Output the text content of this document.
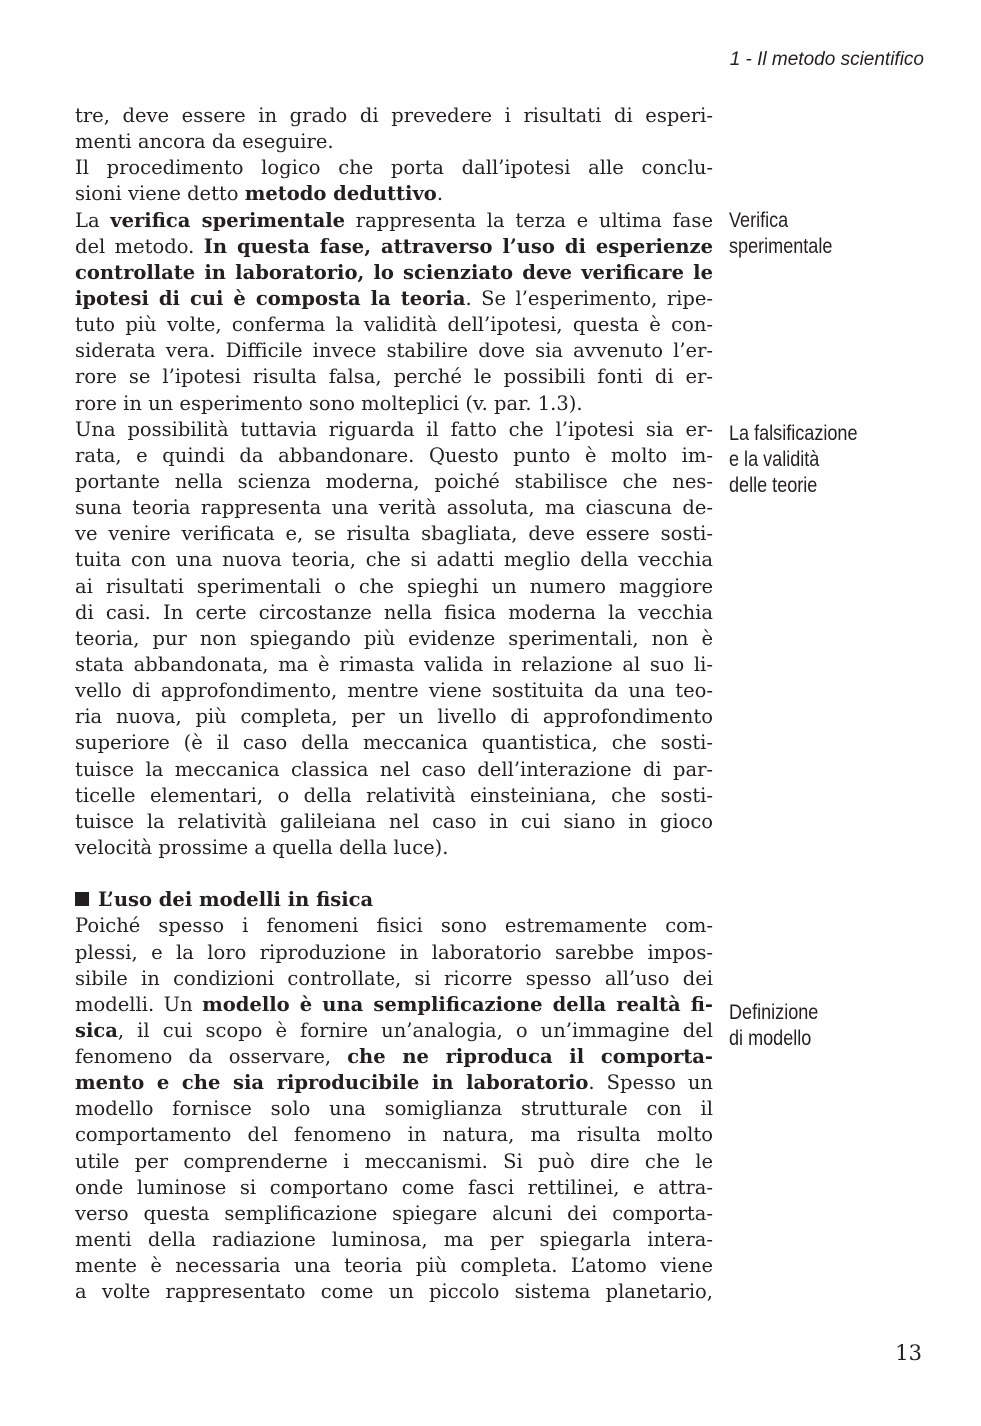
1 - Il metodo scientifico
tre, deve essere in grado di prevedere i risultati di esperi-
menti ancora da eseguire.
Il procedimento logico che porta dall’ipotesi alle conclu-
sioni viene detto metodo deduttivo.
La verifica sperimentale rappresenta la terza e ultima fase
del metodo. In questa fase, attraverso l’uso di esperienze
controllate in laboratorio, lo scienziato deve verificare le
ipotesi di cui è composta la teoria. Se l’esperimento, ripe-
tuto più volte, conferma la validità dell’ipotesi, questa è con-
siderata vera. Difficile invece stabilire dove sia avvenuto l’er-
rore se l’ipotesi risulta falsa, perché le possibili fonti di er-
rore in un esperimento sono molteplici (v. par. 1.3).
Una possibilità tuttavia riguarda il fatto che l’ipotesi sia er-
rata, e quindi da abbandonare. Questo punto è molto im-
portante nella scienza moderna, poiché stabilisce che nes-
suna teoria rappresenta una verità assoluta, ma ciascuna de-
ve venire verificata e, se risulta sbagliata, deve essere sosti-
tuita con una nuova teoria, che si adatti meglio della vecchia
ai risultati sperimentali o che spieghi un numero maggiore
di casi. In certe circostanze nella fisica moderna la vecchia
teoria, pur non spiegando più evidenze sperimentali, non è
stata abbandonata, ma è rimasta valida in relazione al suo li-
vello di approfondimento, mentre viene sostituita da una teo-
ria nuova, più completa, per un livello di approfondimento
superiore (è il caso della meccanica quantistica, che sosti-
tuisce la meccanica classica nel caso dell’interazione di par-
ticelle elementari, o della relatività einsteiniana, che sosti-
tuisce la relatività galileiana nel caso in cui siano in gioco
velocità prossime a quella della luce).
L’uso dei modelli in fisica
Poiché spesso i fenomeni fisici sono estremamente com-
plessi, e la loro riproduzione in laboratorio sarebbe impos-
sibile in condizioni controllate, si ricorre spesso all’uso dei
modelli. Un modello è una semplificazione della realtà fi-
sica, il cui scopo è fornire un’analogia, o un’immagine del
fenomeno da osservare, che ne riproduca il comporta-
mento e che sia riproducibile in laboratorio. Spesso un
modello fornisce solo una somiglianza strutturale con il
comportamento del fenomeno in natura, ma risulta molto
utile per comprenderne i meccanismi. Si può dire che le
onde luminose si comportano come fasci rettilinei, e attra-
verso questa semplificazione spiegare alcuni dei comporta-
menti della radiazione luminosa, ma per spiegarla intera-
mente è necessaria una teoria più completa. L’atomo viene
a volte rappresentato come un piccolo sistema planetario,
Verifica
sperimentale
La falsificazione
e la validità
delle teorie
Definizione
di modello
13
